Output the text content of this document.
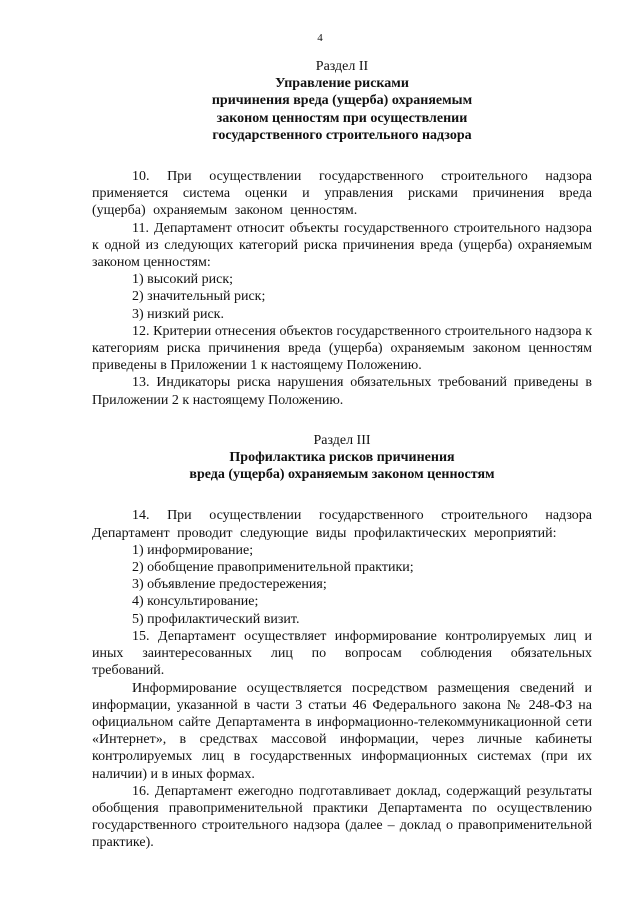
4

Раздел II

Управление рисками
причинения вреда (ущерба) охраняемым
законом ценностям при осуществлении
государственного строительного надзора

10. При осуществлении государственного строительного надзора применяется система оценки и управления рисками причинения вреда (ущерба) охраняемым законом ценностям.

11. Департамент относит объекты государственного строительного надзора к одной из следующих категорий риска причинения вреда (ущерба) охраняемым законом ценностям:

1) высокий риск;

2) значительный риск;

3) низкий риск.

12. Критерии отнесения объектов государственного строительного надзора к категориям риска причинения вреда (ущерба) охраняемым законом ценностям приведены в Приложении 1 к настоящему Положению.

13. Индикаторы риска нарушения обязательных требований приведены в Приложении 2 к настоящему Положению.

Раздел III

Профилактика рисков причинения
вреда (ущерба) охраняемым законом ценностям

14. При осуществлении государственного строительного надзора Департамент проводит следующие виды профилактических мероприятий:

1) информирование;

2) обобщение правоприменительной практики;

3) объявление предостережения;

4) консультирование;

5) профилактический визит.

15. Департамент осуществляет информирование контролируемых лиц и иных заинтересованных лиц по вопросам соблюдения обязательных требований.

Информирование осуществляется посредством размещения сведений и информации, указанной в части 3 статьи 46 Федерального закона № 248-ФЗ на официальном сайте Департамента в информационно-телекоммуникационной сети «Интернет», в средствах массовой информации, через личные кабинеты контролируемых лиц в государственных информационных системах (при их наличии) и в иных формах.

16. Департамент ежегодно подготавливает доклад, содержащий результаты обобщения правоприменительной практики Департамента по осуществлению государственного строительного надзора (далее – доклад о правоприменительной практике).
